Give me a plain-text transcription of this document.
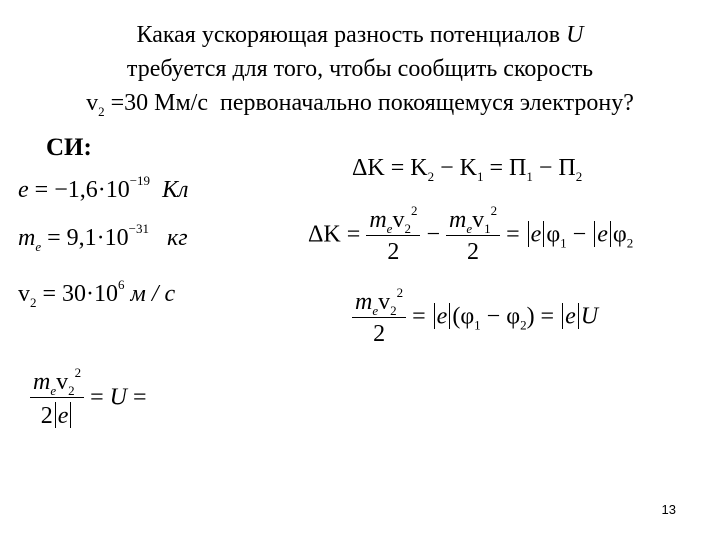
Какая ускоряющая разность потенциалов U
требуется для того, чтобы сообщить скорость
$v_2 =30$ Мм/с  первоначально покоящемуся электрону?
СИ:
$e = -1,6\cdot 10^{-19}$  Кл
$m_e = 9,1\cdot 10^{-31}$   кг
$v_2 = 30\cdot 10^6$ м / с
$\Delta K = K_2 - K_1 = \Pi_1 - \Pi_2$
$\Delta K = \frac{m_ev_2^2}{2} - \frac{m_ev_1^2}{2} = e$ $\varphi_1 - e$ $\varphi_2$
$\frac{m_ev_2^2}{2} = e$ $(\varphi_1 - \varphi_2) = e$ U
$\frac{m_ev_2^2}{2 e} = U$ =
13
